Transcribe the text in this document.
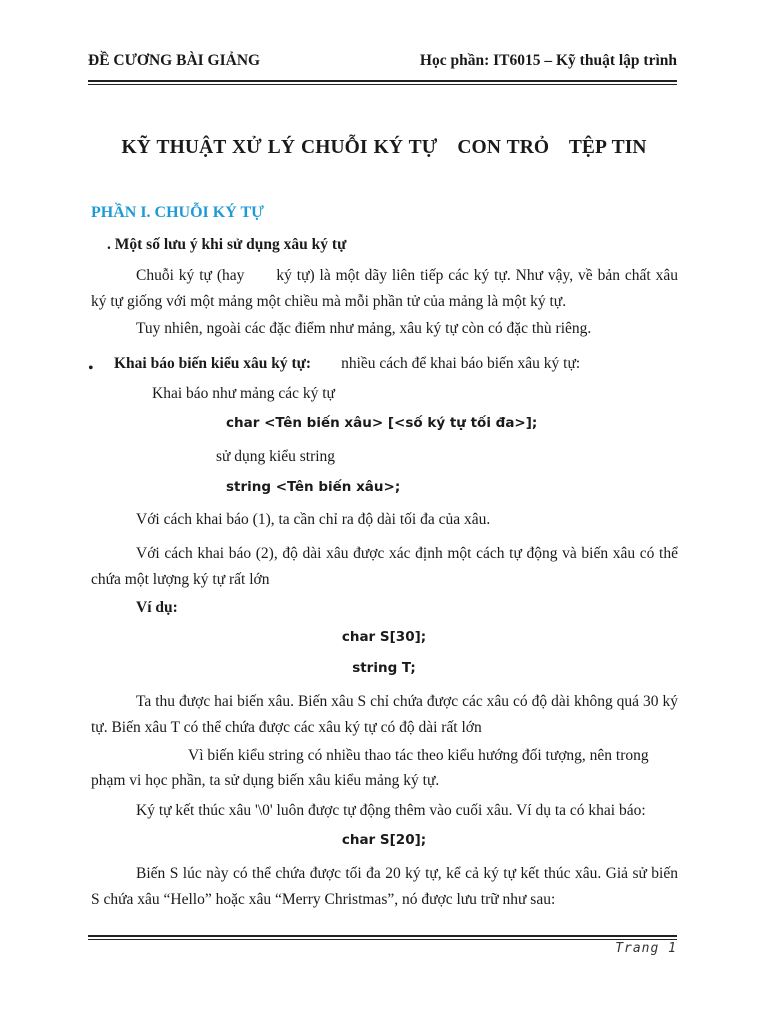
ĐỀ CƯƠNG BÀI GIẢNG	Học phần: IT6015 – Kỹ thuật lập trình
KỸ THUẬT XỬ LÝ CHUỖI KÝ TỰ CON TRỎ TỆP TIN
PHẦN I. CHUỖI KÝ TỰ
. Một số lưu ý khi sử dụng xâu ký tự
Chuỗi ký tự (hay ký tự) là một dãy liên tiếp các ký tự. Như vậy, về bản chất xâu ký tự giống với một mảng một chiều mà mỗi phần tử của mảng là một ký tự.
Tuy nhiên, ngoài các đặc điểm như mảng, xâu ký tự còn có đặc thù riêng.
• Khai báo biến kiểu xâu ký tự: nhiều cách để khai báo biến xâu ký tự:
Khai báo như mảng các ký tự
char <Tên biến xâu> [<số ký tự tối đa>];
sử dụng kiểu string
string <Tên biến xâu>;
Với cách khai báo (1), ta cần chỉ ra độ dài tối đa của xâu.
Với cách khai báo (2), độ dài xâu được xác định một cách tự động và biến xâu có thể chứa một lượng ký tự rất lớn
Ví dụ:
char S[30];
string T;
Ta thu được hai biến xâu. Biến xâu S chỉ chứa được các xâu có độ dài không quá 30 ký tự. Biến xâu T có thể chứa được các xâu ký tự có độ dài rất lớn
Vì biến kiểu string có nhiều thao tác theo kiểu hướng đối tượng, nên trong
phạm vi học phần, ta sử dụng biến xâu kiểu mảng ký tự.
Ký tự kết thúc xâu '\0' luôn được tự động thêm vào cuối xâu. Ví dụ ta có khai báo:
char S[20];
Biến S lúc này có thể chứa được tối đa 20 ký tự, kể cả ký tự kết thúc xâu. Giả sử biến S chứa xâu “Hello” hoặc xâu “Merry Christmas”, nó được lưu trữ như sau:
Trang 1
